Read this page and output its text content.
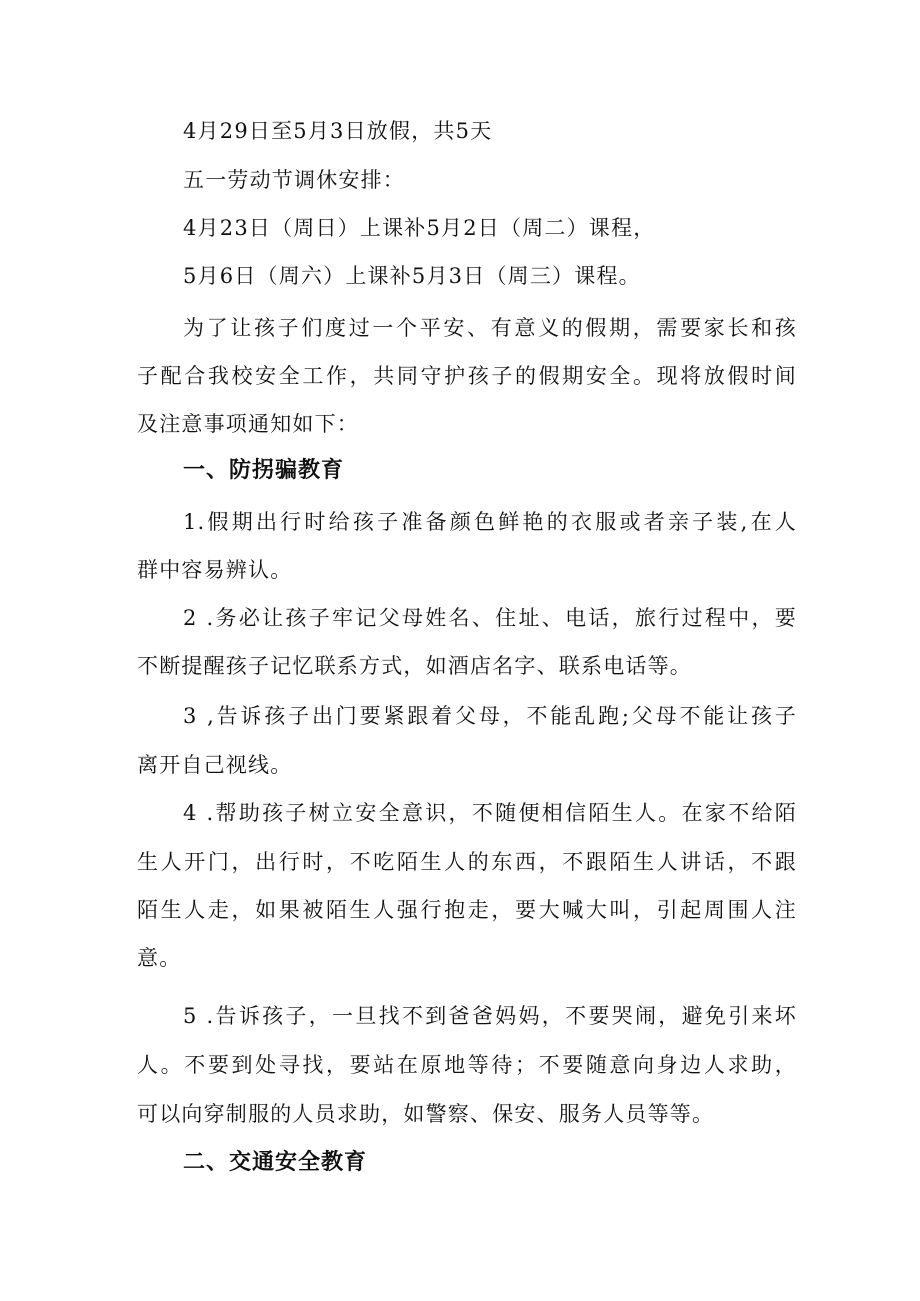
4月29日至5月3日放假，共5天
五一劳动节调休安排：
4月23日（周日）上课补5月2日（周二）课程，
5月6日（周六）上课补5月3日（周三）课程。
为了让孩子们度过一个平安、有意义的假期，需要家长和孩
子配合我校安全工作，共同守护孩子的假期安全。现将放假时间
及注意事项通知如下：
一、防拐骗教育
1.假期出行时给孩子准备颜色鲜艳的衣服或者亲子装,在人
群中容易辨认。
2 .务必让孩子牢记父母姓名、住址、电话，旅行过程中，要
不断提醒孩子记忆联系方式，如酒店名字、联系电话等。
3 ,告诉孩子出门要紧跟着父母，不能乱跑;父母不能让孩子
离开自己视线。
4 .帮助孩子树立安全意识，不随便相信陌生人。在家不给陌
生人开门，出行时，不吃陌生人的东西，不跟陌生人讲话，不跟
陌生人走，如果被陌生人强行抱走，要大喊大叫，引起周围人注
意。
5 .告诉孩子，一旦找不到爸爸妈妈，不要哭闹，避免引来坏
人。不要到处寻找，要站在原地等待；不要随意向身边人求助，
可以向穿制服的人员求助，如警察、保安、服务人员等等。
二、交通安全教育
